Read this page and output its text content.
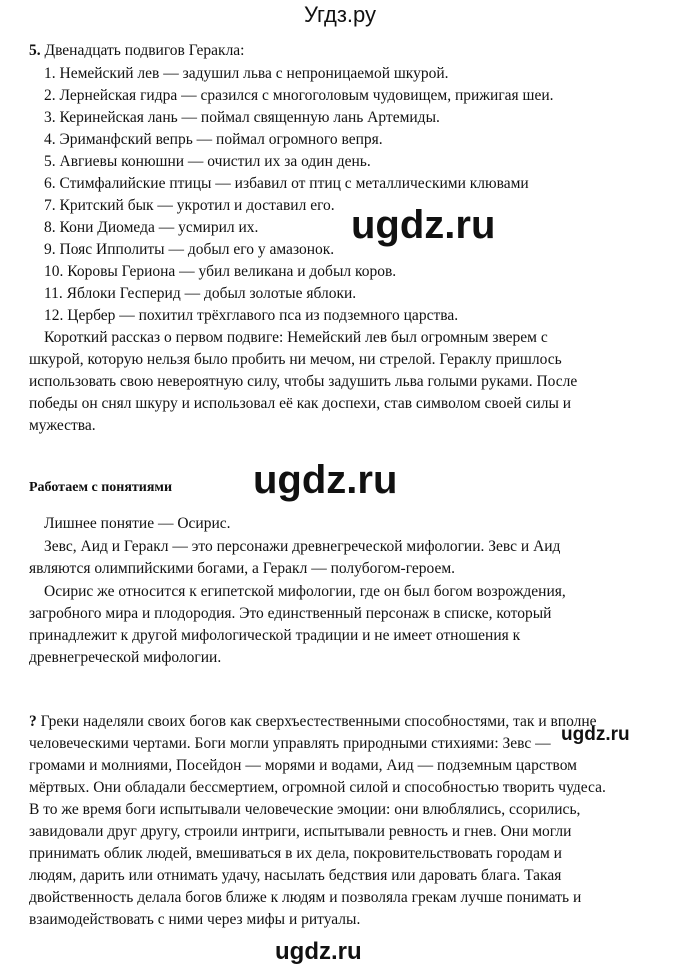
Угдз.ру
5. Двенадцать подвигов Геракла:
1. Немейский лев — задушил льва с непроницаемой шкурой.
2. Лернейская гидра — сразился с многоголовым чудовищем, прижигая шеи.
3. Керинейская лань — поймал священную лань Артемиды.
4. Эриманфский вепрь — поймал огромного вепря.
5. Авгиевы конюшни — очистил их за один день.
6. Стимфалийские птицы — избавил от птиц с металлическими клювами
7. Критский бык — укротил и доставил его.
8. Кони Диомеда — усмирил их.
9. Пояс Ипполиты — добыл его у амазонок.
10. Коровы Гериона — убил великана и добыл коров.
11. Яблоки Гесперид — добыл золотые яблоки.
12. Цербер — похитил трёхглавого пса из подземного царства.
Короткий рассказ о первом подвиге: Немейский лев был огромным зверем с
шкурой, которую нельзя было пробить ни мечом, ни стрелой. Гераклу пришлось
использовать свою невероятную силу, чтобы задушить льва голыми руками. После
победы он снял шкуру и использовал её как доспехи, став символом своей силы и
мужества.
Работаем с понятиями
Лишнее понятие — Осирис.
Зевс, Аид и Геракл — это персонажи древнегреческой мифологии. Зевс и Аид
являются олимпийскими богами, а Геракл — полубогом-героем.
Осирис же относится к египетской мифологии, где он был богом возрождения,
загробного мира и плодородия. Это единственный персонаж в списке, который
принадлежит к другой мифологической традиции и не имеет отношения к
древнегреческой мифологии.
? Греки наделяли своих богов как сверхъестественными способностями, так и вполне
человеческими чертами. Боги могли управлять природными стихиями: Зевс —
громами и молниями, Посейдон — морями и водами, Аид — подземным царством
мёртвых. Они обладали бессмертием, огромной силой и способностью творить чудеса.
В то же время боги испытывали человеческие эмоции: они влюблялись, ссорились,
завидовали друг другу, строили интриги, испытывали ревность и гнев. Они могли
принимать облик людей, вмешиваться в их дела, покровительствовать городам и
людям, дарить или отнимать удачу, насылать бедствия или даровать блага. Такая
двойственность делала богов ближе к людям и позволяла грекам лучше понимать и
взаимодействовать с ними через мифы и ритуалы.
ugdz.ru
ugdz.ru
ugdz.ru
ugdz.ru
